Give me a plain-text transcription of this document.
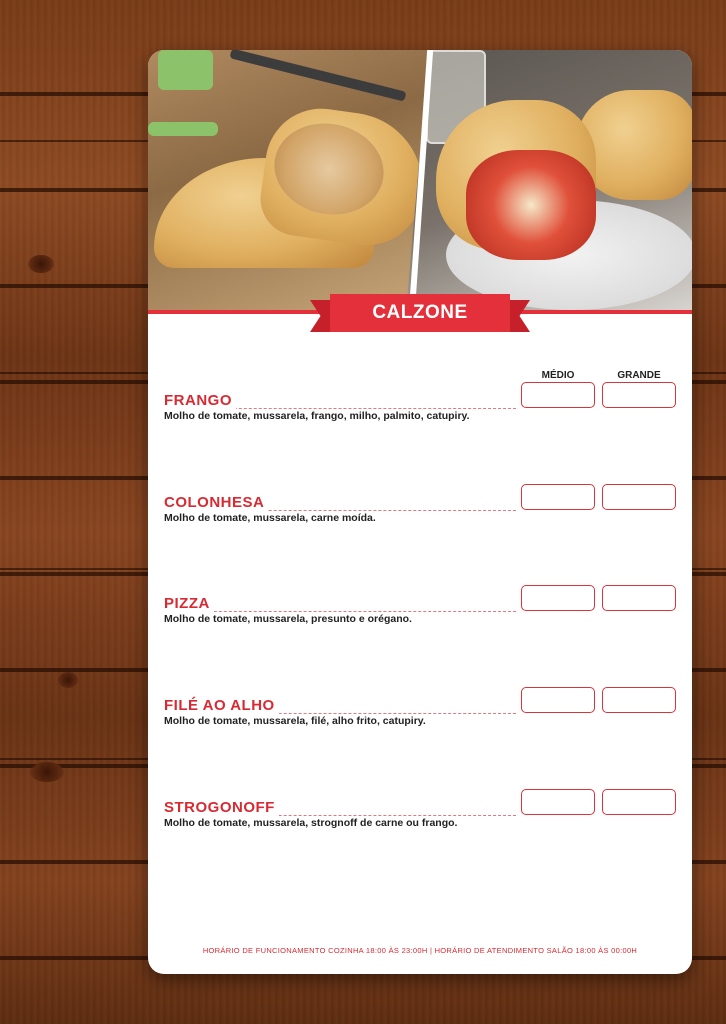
CALZONE
MÉDIO	GRANDE
FRANGO
Molho de tomate, mussarela, frango, milho, palmito, catupiry.
COLONHESA
Molho de tomate, mussarela, carne moída.
PIZZA
Molho de tomate, mussarela, presunto e orégano.
FILÉ AO ALHO
Molho de tomate, mussarela, filé, alho frito, catupiry.
STROGONOFF
Molho de tomate, mussarela, strognoff de carne ou frango.
HORÁRIO DE FUNCIONAMENTO COZINHA 18:00 ÀS 23:00H | HORÁRIO DE ATENDIMENTO SALÃO 18:00 ÀS 00:00H
